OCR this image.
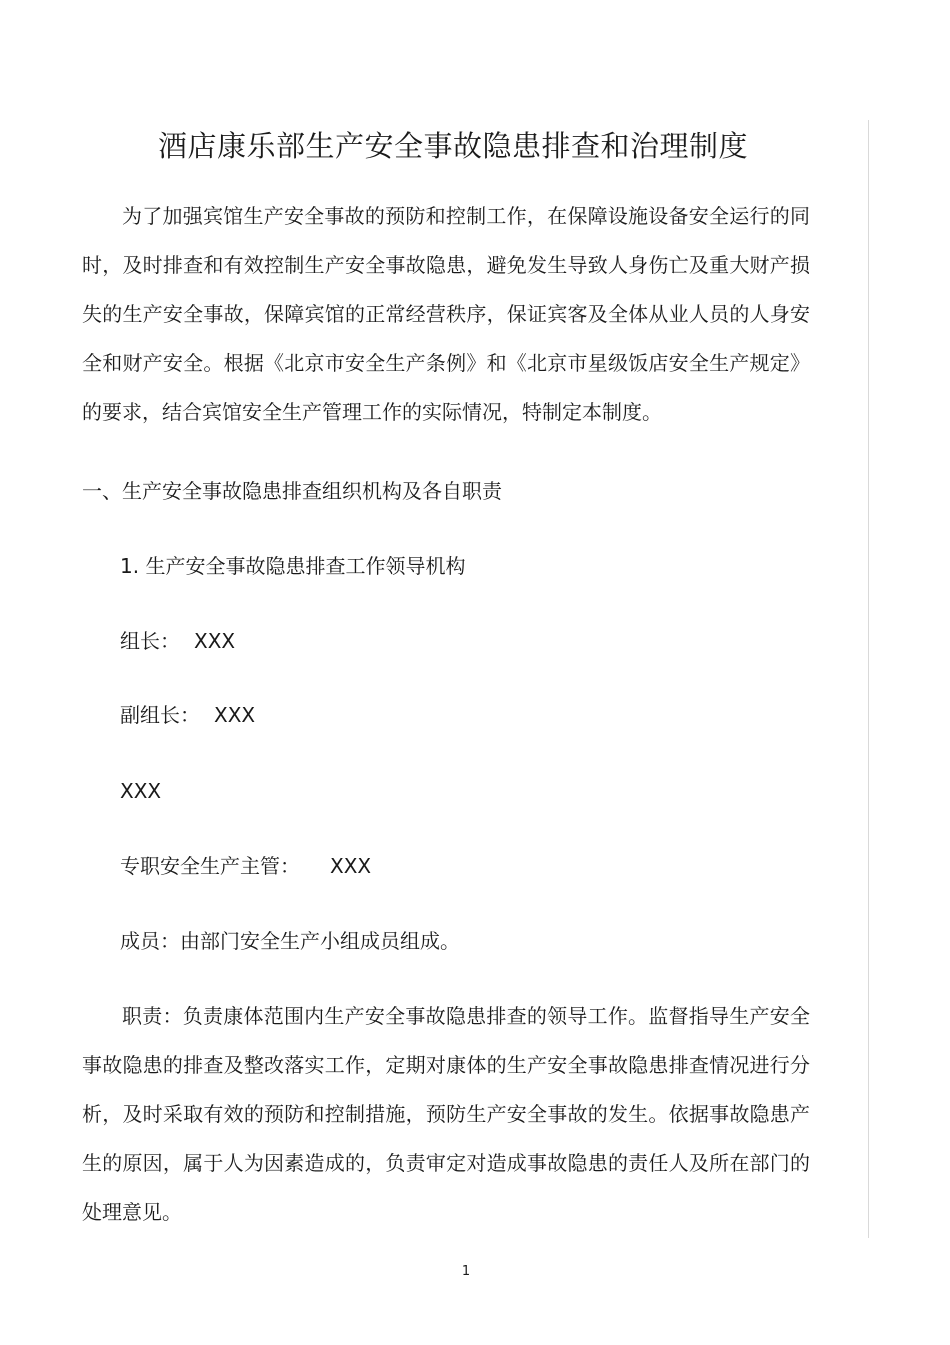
酒店康乐部生产安全事故隐患排查和治理制度
为了加强宾馆生产安全事故的预防和控制工作，在保障设施设备安全运行的同时，及时排查和有效控制生产安全事故隐患，避免发生导致人身伤亡及重大财产损失的生产安全事故，保障宾馆的正常经营秩序，保证宾客及全体从业人员的人身安全和财产安全。根据《北京市安全生产条例》和《北京市星级饭店安全生产规定》的要求，结合宾馆安全生产管理工作的实际情况，特制定本制度。
一、生产安全事故隐患排查组织机构及各自职责
1. 生产安全事故隐患排查工作领导机构
组长： XXX
副组长： XXX
XXX
专职安全生产主管： XXX
成员：由部门安全生产小组成员组成。
职责：负责康体范围内生产安全事故隐患排查的领导工作。监督指导生产安全事故隐患的排查及整改落实工作，定期对康体的生产安全事故隐患排查情况进行分析，及时采取有效的预防和控制措施，预防生产安全事故的发生。依据事故隐患产生的原因，属于人为因素造成的，负责审定对造成事故隐患的责任人及所在部门的处理意见。
1
